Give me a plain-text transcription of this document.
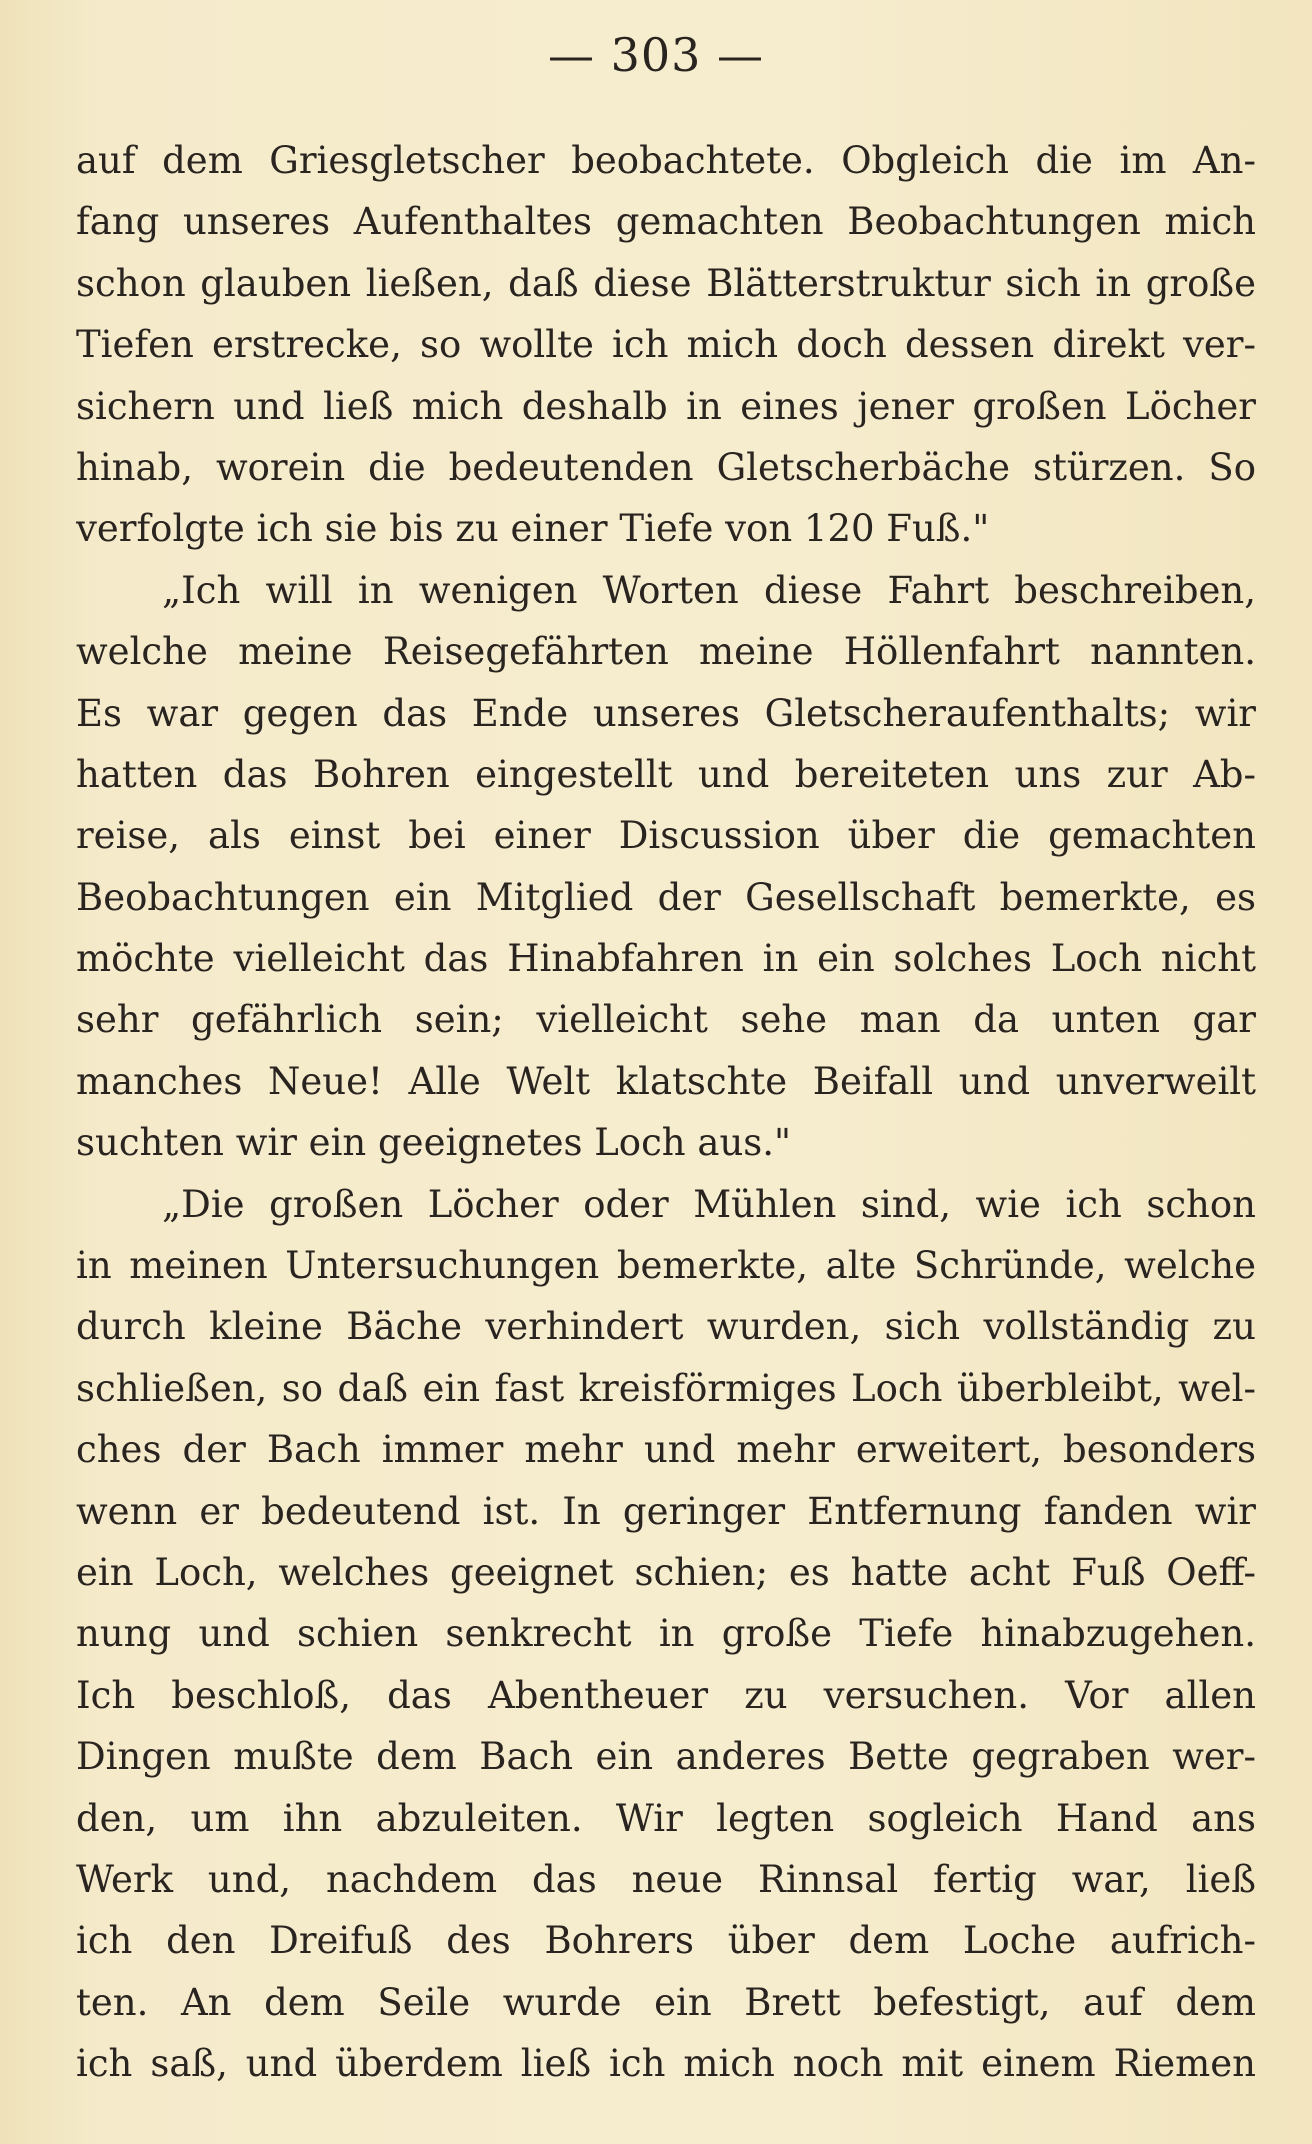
— 303 —
auf dem Griesgletscher beobachtete. Obgleich die im An-
fang unseres Aufenthaltes gemachten Beobachtungen mich
schon glauben ließen, daß diese Blätterstruktur sich in große
Tiefen erstrecke, so wollte ich mich doch dessen direkt ver-
sichern und ließ mich deshalb in eines jener großen Löcher
hinab, worein die bedeutenden Gletscherbäche stürzen. So
verfolgte ich sie bis zu einer Tiefe von 120 Fuß."
„Ich will in wenigen Worten diese Fahrt beschreiben,
welche meine Reisegefährten meine Höllenfahrt nannten.
Es war gegen das Ende unseres Gletscheraufenthalts; wir
hatten das Bohren eingestellt und bereiteten uns zur Ab-
reise, als einst bei einer Discussion über die gemachten
Beobachtungen ein Mitglied der Gesellschaft bemerkte, es
möchte vielleicht das Hinabfahren in ein solches Loch nicht
sehr gefährlich sein; vielleicht sehe man da unten gar
manches Neue! Alle Welt klatschte Beifall und unverweilt
suchten wir ein geeignetes Loch aus."
„Die großen Löcher oder Mühlen sind, wie ich schon
in meinen Untersuchungen bemerkte, alte Schründe, welche
durch kleine Bäche verhindert wurden, sich vollständig zu
schließen, so daß ein fast kreisförmiges Loch überbleibt, wel-
ches der Bach immer mehr und mehr erweitert, besonders
wenn er bedeutend ist. In geringer Entfernung fanden wir
ein Loch, welches geeignet schien; es hatte acht Fuß Oeff-
nung und schien senkrecht in große Tiefe hinabzugehen.
Ich beschloß, das Abentheuer zu versuchen. Vor allen
Dingen mußte dem Bach ein anderes Bette gegraben wer-
den, um ihn abzuleiten. Wir legten sogleich Hand ans
Werk und, nachdem das neue Rinnsal fertig war, ließ
ich den Dreifuß des Bohrers über dem Loche aufrich-
ten. An dem Seile wurde ein Brett befestigt, auf dem
ich saß, und überdem ließ ich mich noch mit einem Riemen
